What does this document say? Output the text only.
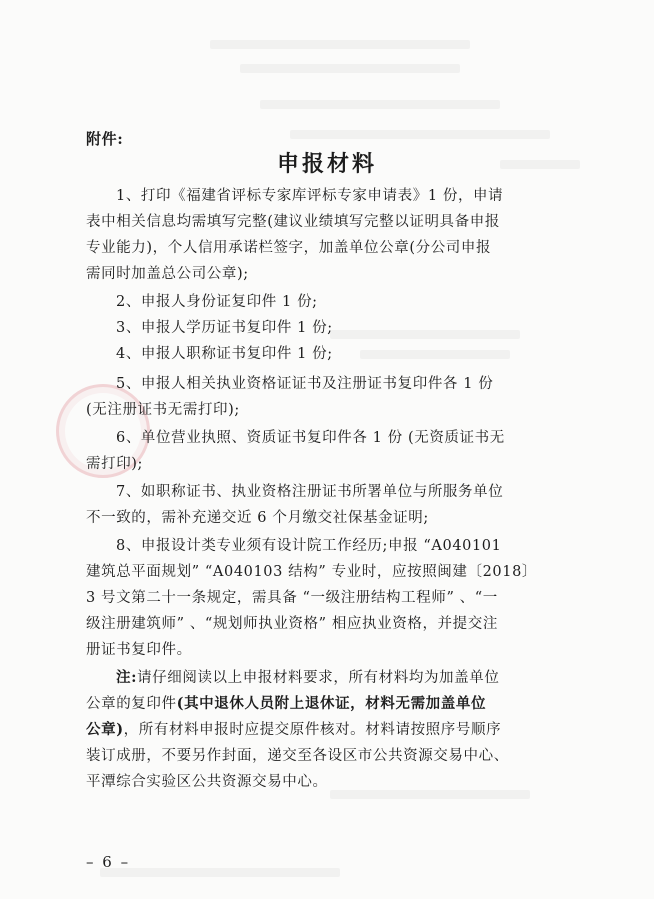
附件:
申报材料
1、打印《福建省评标专家库评标专家申请表》1 份，申请
表中相关信息均需填写完整(建议业绩填写完整以证明具备申报
专业能力)，个人信用承诺栏签字，加盖单位公章(分公司申报
需同时加盖总公司公章);
2、申报人身份证复印件 1 份;
3、申报人学历证书复印件 1 份;
4、申报人职称证书复印件 1 份;
5、申报人相关执业资格证证书及注册证书复印件各 1 份
(无注册证书无需打印);
6、单位营业执照、资质证书复印件各 1 份 (无资质证书无
需打印);
7、如职称证书、执业资格注册证书所署单位与所服务单位
不一致的，需补充递交近 6 个月缴交社保基金证明;
8、申报设计类专业须有设计院工作经历;申报 “A040101
建筑总平面规划” “A040103 结构” 专业时，应按照闽建〔2018〕
3 号文第二十一条规定，需具备 “一级注册结构工程师” 、“一
级注册建筑师” 、“规划师执业资格” 相应执业资格，并提交注
册证书复印件。
注:请仔细阅读以上申报材料要求，所有材料均为加盖单位
公章的复印件(其中退休人员附上退休证，材料无需加盖单位
公章)，所有材料申报时应提交原件核对。材料请按照序号顺序
装订成册，不要另作封面，递交至各设区市公共资源交易中心、
平潭综合实验区公共资源交易中心。
– 6 –
